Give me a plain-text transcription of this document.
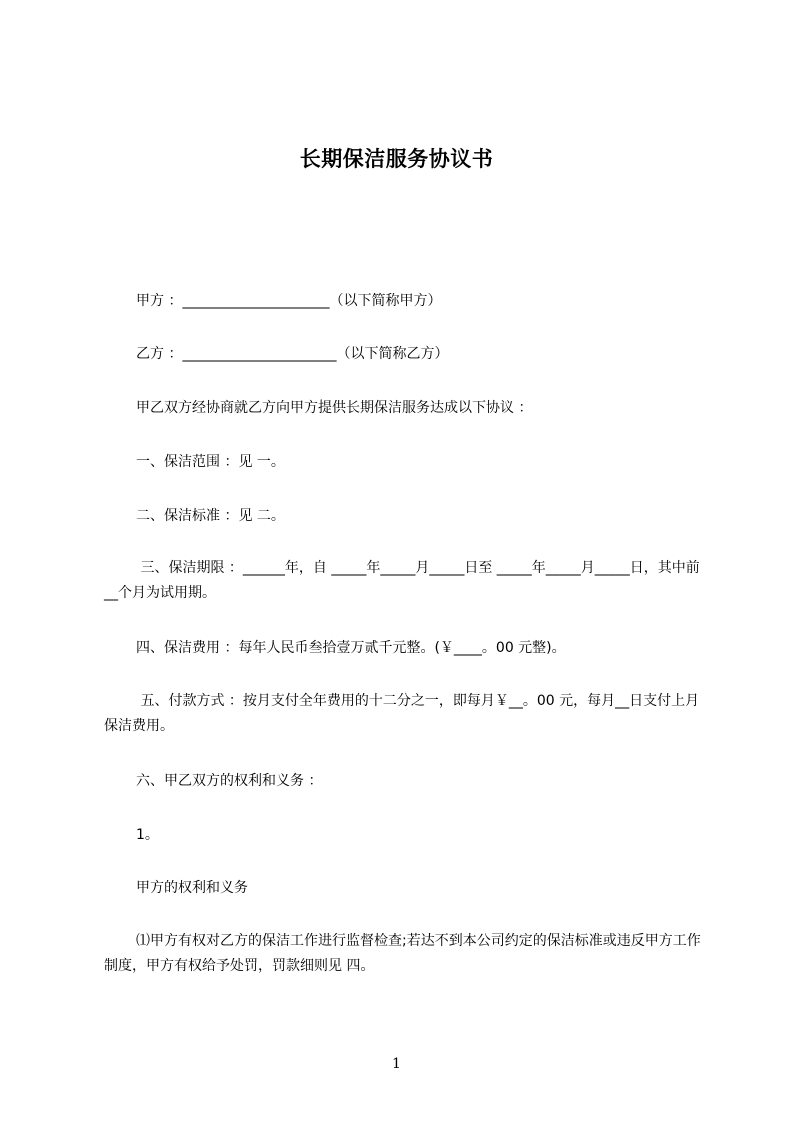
长期保洁服务协议书

甲方 ：_____________________（以下简称甲方）

乙方 ：______________________（以下简称乙方）

甲乙双方经协商就乙方向甲方提供长期保洁服务达成以下协议 ：

一、保洁范围 ：见 一。

二、保洁标准 ：见 二。

三、保洁期限 ：______年，自 _____年_____月_____日至 _____年_____月_____日，其中前__个月为试用期。

四、保洁费用 ：每年人民币叁拾壹万贰千元整。(￥____。00 元整)。

五、付款方式 ：按月支付全年费用的十二分之一，即每月￥__。00 元，每月__日支付上月保洁费用。

六、甲乙双方的权利和义务 ：

1。

甲方的权利和义务

⑴甲方有权对乙方的保洁工作进行监督检查;若达不到本公司约定的保洁标准或违反甲方工作制度，甲方有权给予处罚，罚款细则见 四。

1
